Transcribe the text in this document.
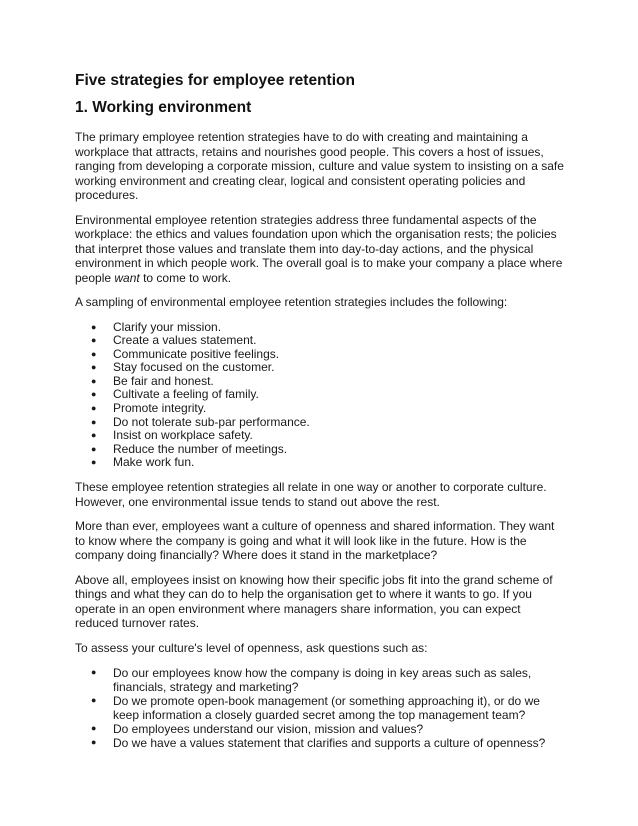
Five strategies for employee retention
1. Working environment

The primary employee retention strategies have to do with creating and maintaining a workplace that attracts, retains and nourishes good people. This covers a host of issues, ranging from developing a corporate mission, culture and value system to insisting on a safe working environment and creating clear, logical and consistent operating policies and procedures.

Environmental employee retention strategies address three fundamental aspects of the workplace: the ethics and values foundation upon which the organisation rests; the policies that interpret those values and translate them into day-to-day actions, and the physical environment in which people work. The overall goal is to make your company a place where people want to come to work.

A sampling of environmental employee retention strategies includes the following:

● Clarify your mission.
● Create a values statement.
● Communicate positive feelings.
● Stay focused on the customer.
● Be fair and honest.
● Cultivate a feeling of family.
● Promote integrity.
● Do not tolerate sub-par performance.
● Insist on workplace safety.
● Reduce the number of meetings.
● Make work fun.

These employee retention strategies all relate in one way or another to corporate culture. However, one environmental issue tends to stand out above the rest.

More than ever, employees want a culture of openness and shared information. They want to know where the company is going and what it will look like in the future. How is the company doing financially? Where does it stand in the marketplace?

Above all, employees insist on knowing how their specific jobs fit into the grand scheme of things and what they can do to help the organisation get to where it wants to go. If you operate in an open environment where managers share information, you can expect reduced turnover rates.

To assess your culture's level of openness, ask questions such as:

● Do our employees know how the company is doing in key areas such as sales, financials, strategy and marketing?
● Do we promote open-book management (or something approaching it), or do we keep information a closely guarded secret among the top management team?
● Do employees understand our vision, mission and values?
● Do we have a values statement that clarifies and supports a culture of openness?
